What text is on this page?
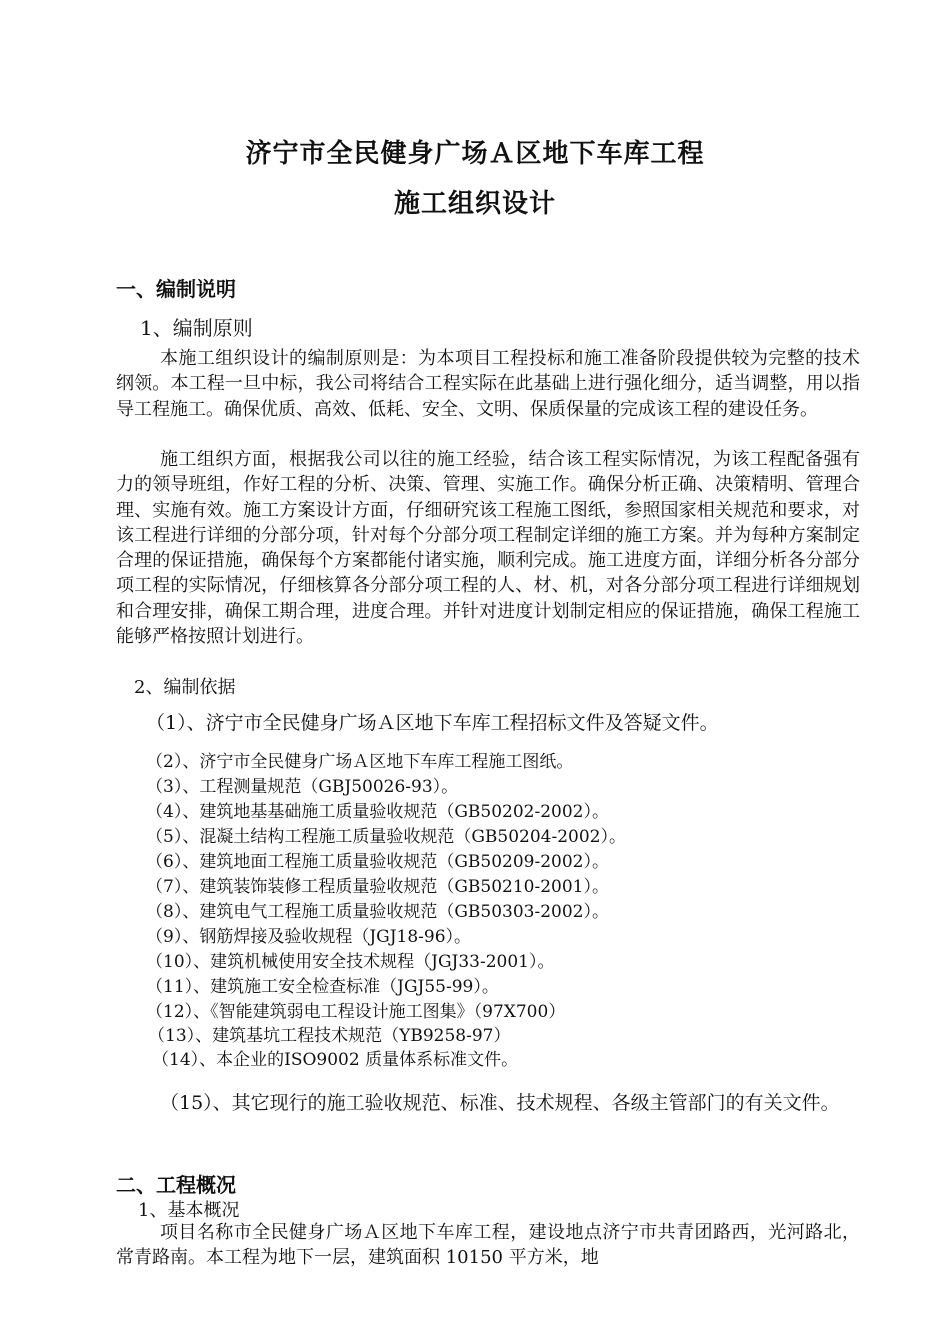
济宁市全民健身广场Ａ区地下车库工程
施工组织设计
一、编制说明
1、编制原则

本施工组织设计的编制原则是：为本项目工程投标和施工准备阶段提供较为完整的技术纲领。本工程一旦中标，我公司将结合工程实际在此基础上进行强化细分，适当调整，用以指导工程施工。确保优质、高效、低耗、安全、文明、保质保量的完成该工程的建设任务。

施工组织方面，根据我公司以往的施工经验，结合该工程实际情况，为该工程配备强有力的领导班组，作好工程的分析、决策、管理、实施工作。确保分析正确、决策精明、管理合理、实施有效。施工方案设计方面，仔细研究该工程施工图纸，参照国家相关规范和要求，对该工程进行详细的分部分项，针对每个分部分项工程制定详细的施工方案。并为每种方案制定合理的保证措施，确保每个方案都能付诸实施，顺利完成。施工进度方面，详细分析各分部分项工程的实际情况，仔细核算各分部分项工程的人、材、机，对各分部分项工程进行详细规划和合理安排，确保工期合理，进度合理。并针对进度计划制定相应的保证措施，确保工程施工能够严格按照计划进行。

2、编制依据
（1）、济宁市全民健身广场Ａ区地下车库工程招标文件及答疑文件。
（2）、济宁市全民健身广场Ａ区地下车库工程施工图纸。
（3）、工程测量规范（GBJ50026-93）。
（4）、建筑地基基础施工质量验收规范（GB50202-2002）。
（5）、混凝土结构工程施工质量验收规范（GB50204-2002）。
（6）、建筑地面工程施工质量验收规范（GB50209-2002）。
（7）、建筑装饰装修工程质量验收规范（GB50210-2001）。
（8）、建筑电气工程施工质量验收规范（GB50303-2002）。
（9）、钢筋焊接及验收规程（JGJ18-96）。
（10）、建筑机械使用安全技术规程（JGJ33-2001）。
（11）、建筑施工安全检查标准（JGJ55-99）。
（12）、《智能建筑弱电工程设计施工图集》（97X700）
（13）、建筑基坑工程技术规范（YB9258-97）
（14）、本企业的ISO9002 质量体系标准文件。

（15）、其它现行的施工验收规范、标准、技术规程、各级主管部门的有关文件。

二、工程概况
1、基本概况

项目名称市全民健身广场Ａ区地下车库工程，建设地点济宁市共青团路西，光河路北，常青路南。本工程为地下一层，建筑面积 10150 平方米，地
